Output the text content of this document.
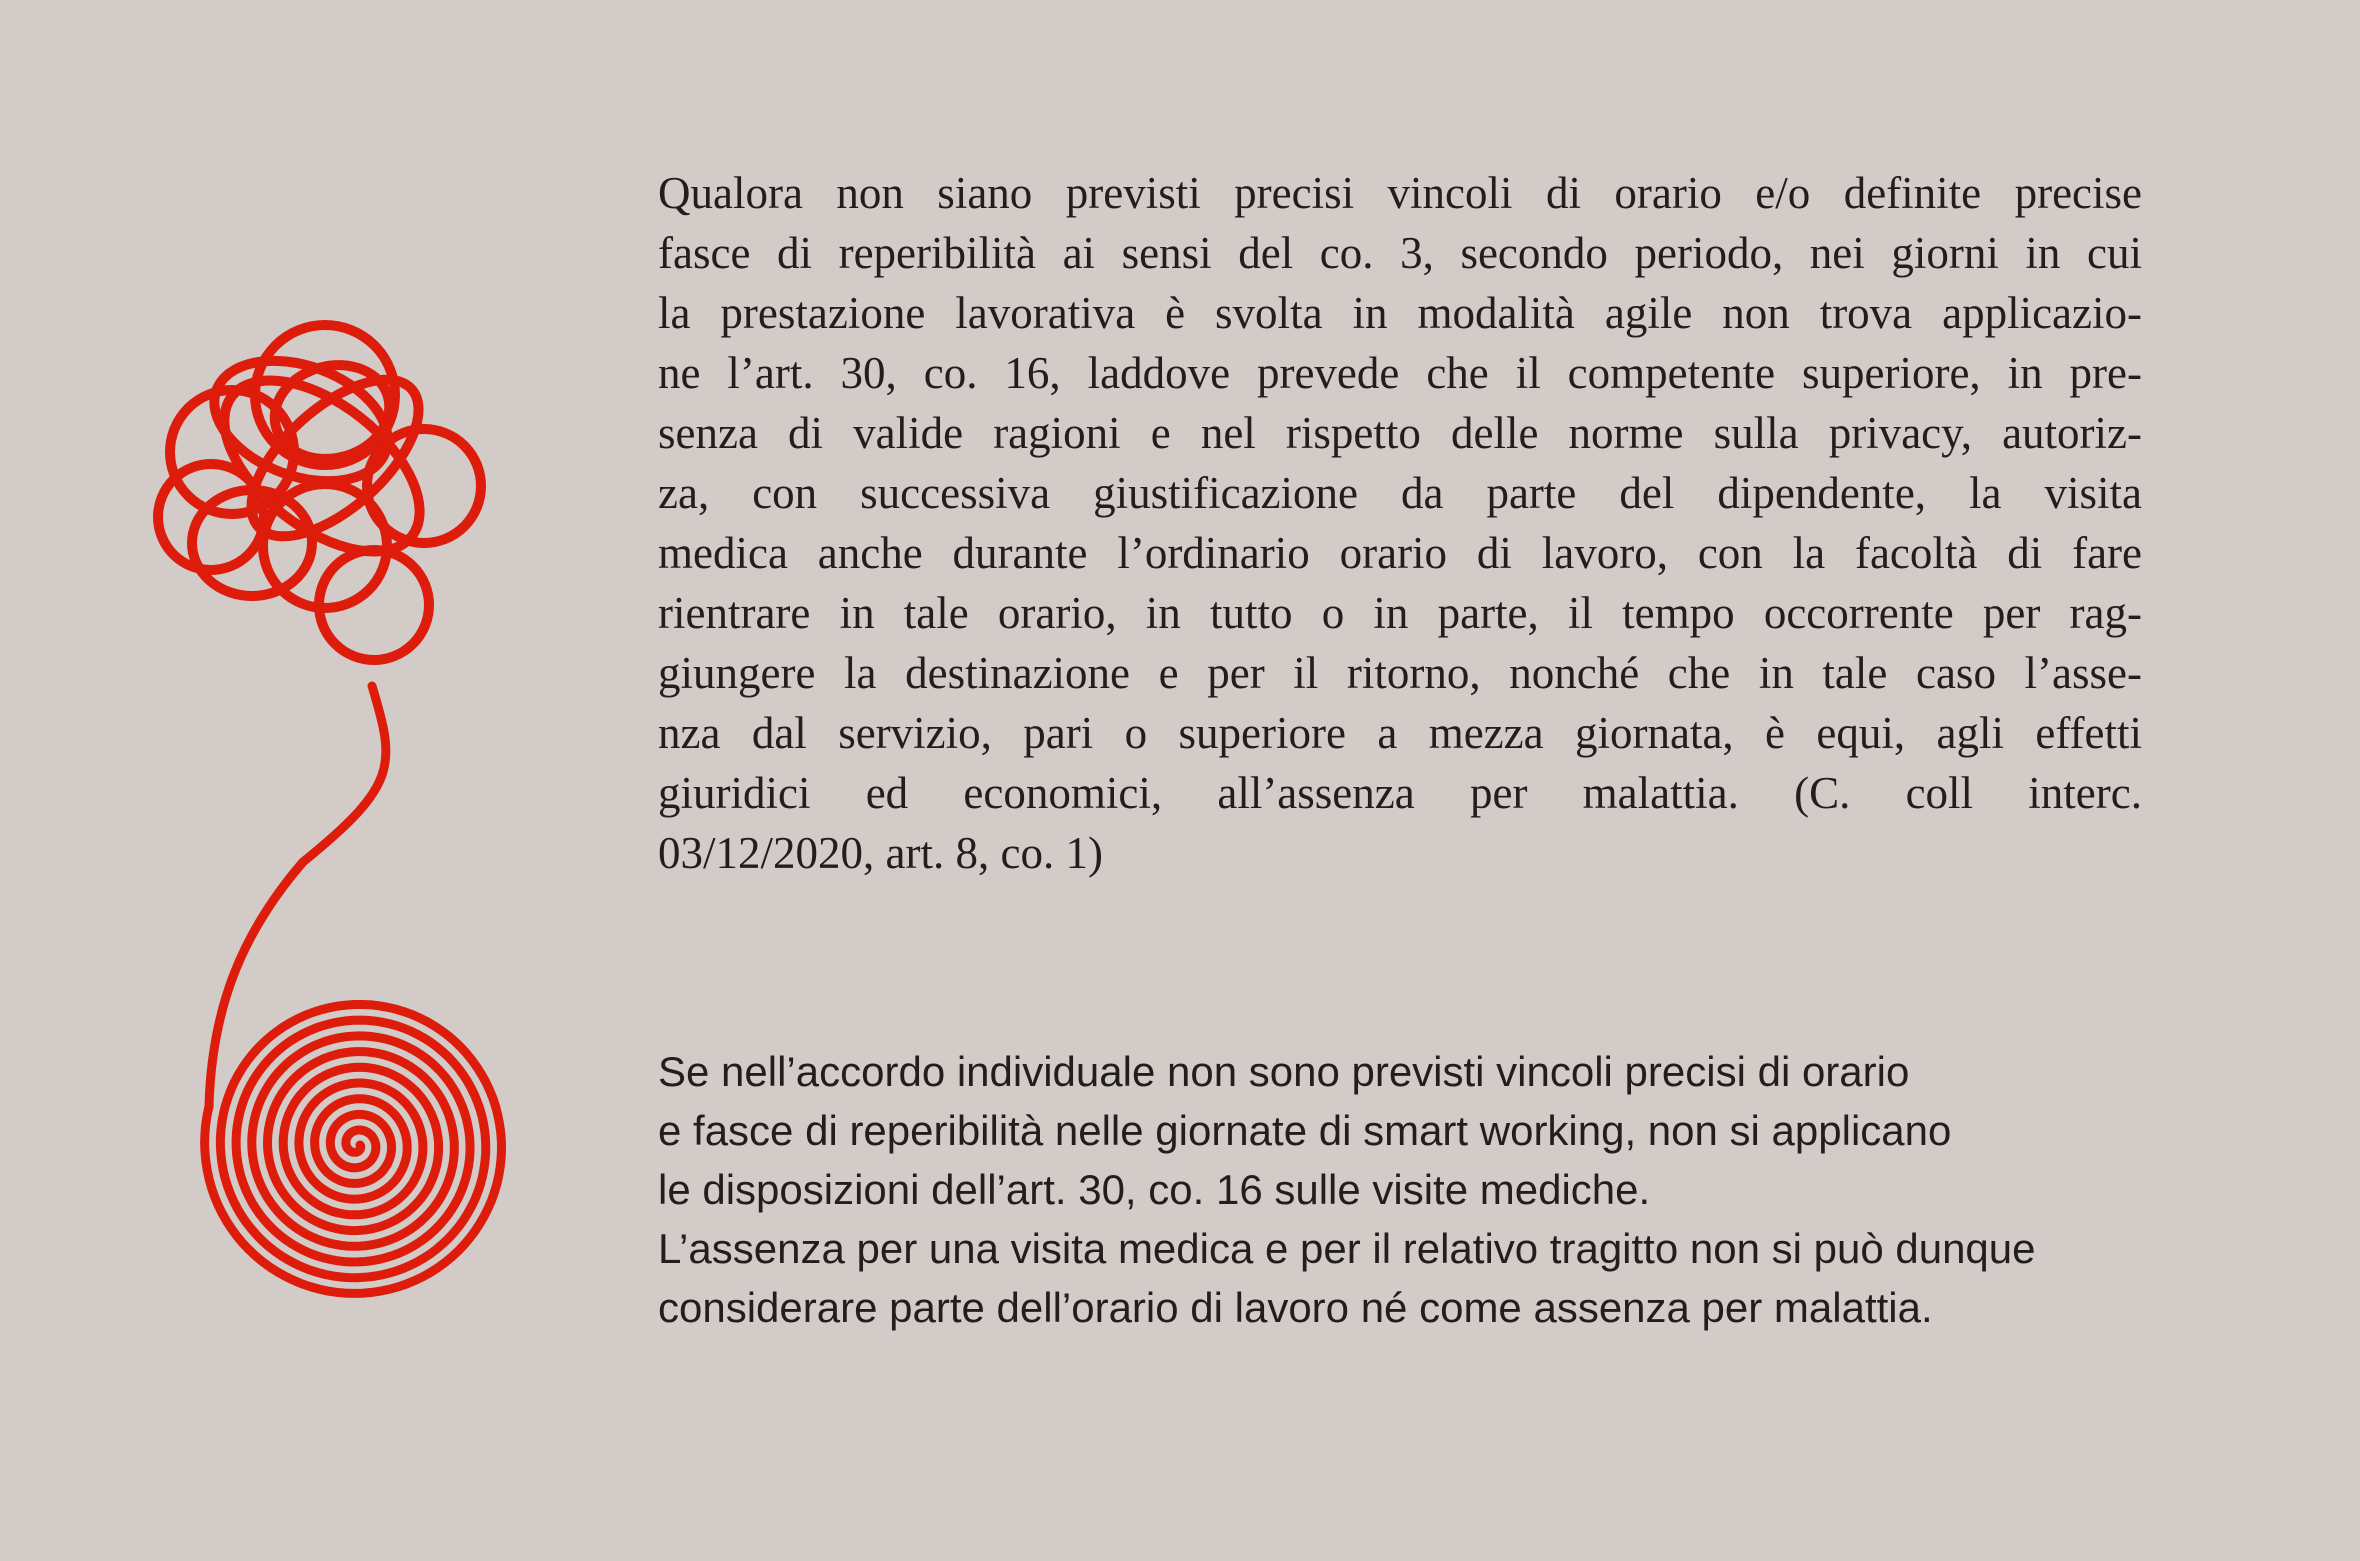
Qualora non siano previsti precisi vincoli di orario e/o definite precise
fasce di reperibilità ai sensi del co. 3, secondo periodo, nei giorni in cui
la prestazione lavorativa è svolta in modalità agile non trova applicazio-
ne l’art. 30, co. 16, laddove prevede che il competente superiore, in pre-
senza di valide ragioni e nel rispetto delle norme sulla privacy, autoriz-
za, con successiva giustificazione da parte del dipendente, la visita
medica anche durante l’ordinario orario di lavoro, con la facoltà di fare
rientrare in tale orario, in tutto o in parte, il tempo occorrente per rag-
giungere la destinazione e per il ritorno, nonché che in tale caso l’asse-
nza dal servizio, pari o superiore a mezza giornata, è equi, agli effetti
giuridici ed economici, all’assenza per malattia. (C. coll interc.
03/12/2020, art. 8, co. 1)
Se nell’accordo individuale non sono previsti vincoli precisi di orario
e fasce di reperibilità nelle giornate di smart working, non si applicano
le disposizioni dell’art. 30, co. 16 sulle visite mediche.
L’assenza per una visita medica e per il relativo tragitto non si può dunque
considerare parte dell’orario di lavoro né come assenza per malattia.
